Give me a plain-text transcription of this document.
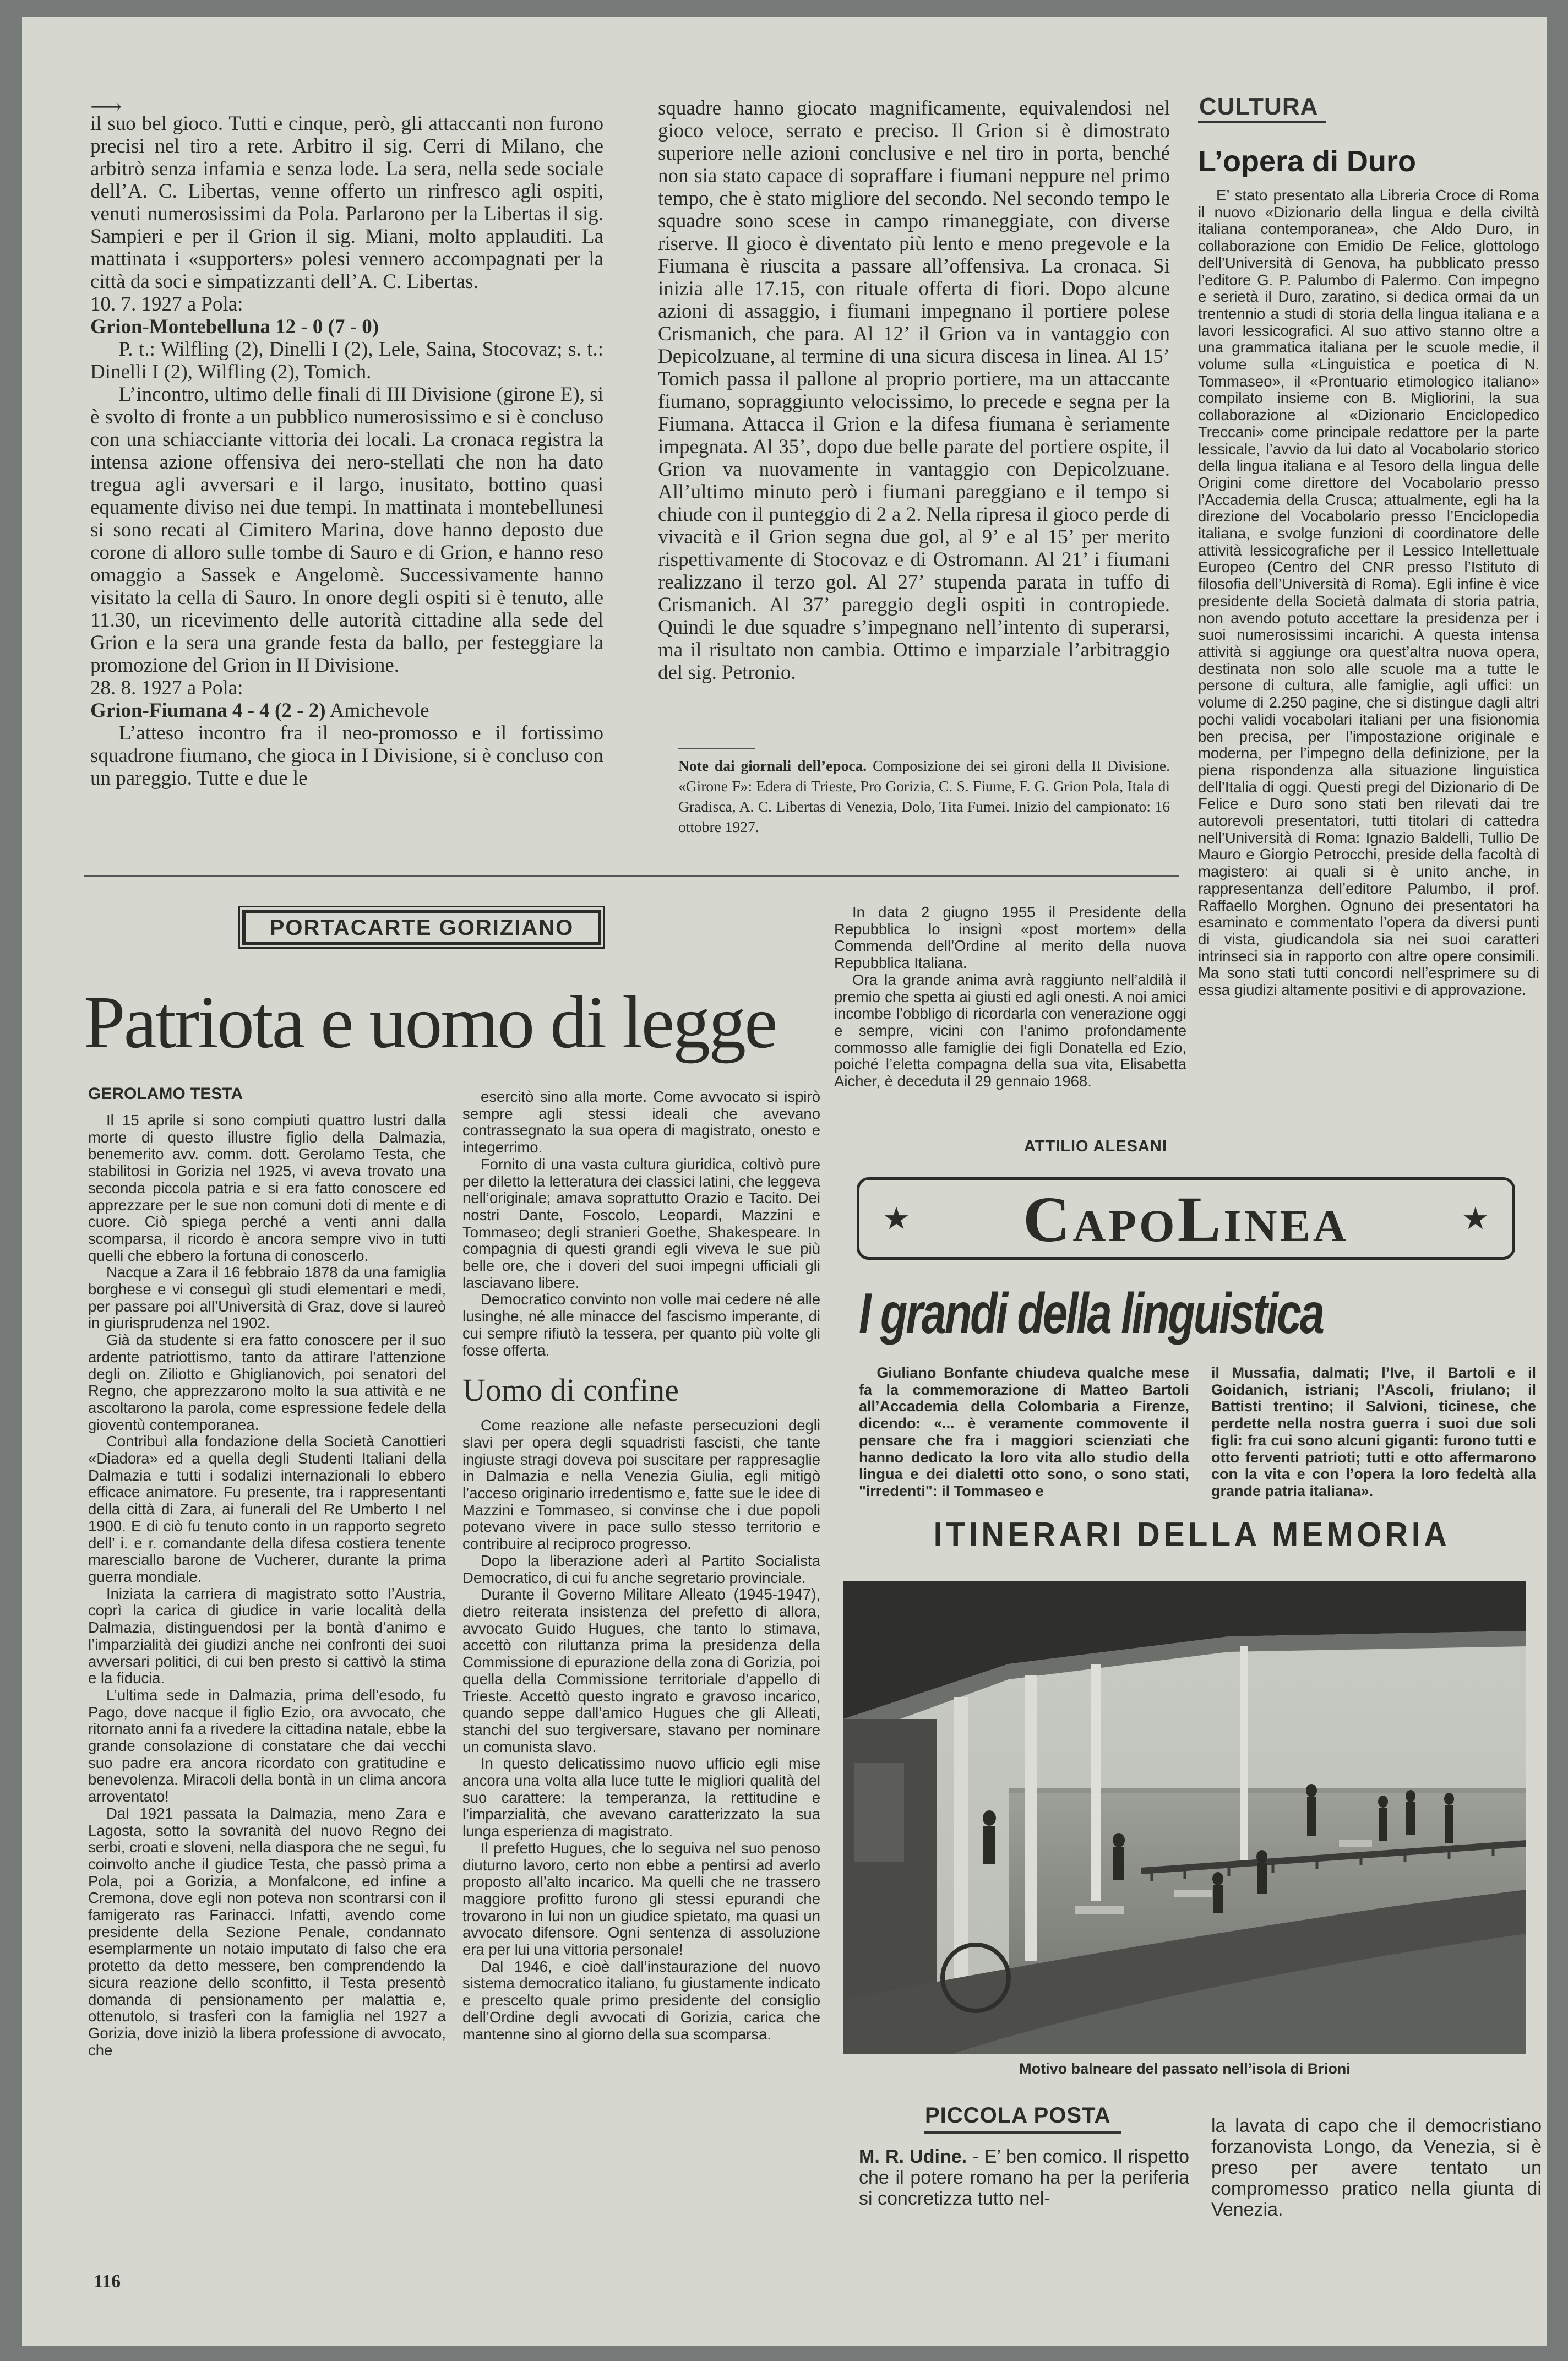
⟶

il suo bel gioco. Tutti e cinque, però, gli attaccanti non furono precisi nel tiro a rete. Arbitro il sig. Cerri di Milano, che arbitrò senza infamia e senza lode. La sera, nella sede sociale dell’A. C. Libertas, venne offerto un rinfresco agli ospiti, venuti numerosissimi da Pola. Parlarono per la Libertas il sig. Sampieri e per il Grion il sig. Miani, molto applauditi. La mattinata i «supporters» polesi vennero accompagnati per la città da soci e simpatizzanti dell’A. C. Libertas.

10. 7. 1927 a Pola:

Grion-Montebelluna 12 - 0 (7 - 0)

P. t.: Wilfling (2), Dinelli I (2), Lele, Saina, Stocovaz; s. t.: Dinelli I (2), Wilfling (2), Tomich.

L’incontro, ultimo delle finali di III Divisione (girone E), si è svolto di fronte a un pubblico numerosissimo e si è concluso con una schiacciante vittoria dei locali. La cronaca registra la intensa azione offensiva dei nero-stellati che non ha dato tregua agli avversari e il largo, inusitato, bottino quasi equamente diviso nei due tempi. In mattinata i montebellunesi si sono recati al Cimitero Marina, dove hanno deposto due corone di alloro sulle tombe di Sauro e di Grion, e hanno reso omaggio a Sassek e Angelomè. Successivamente hanno visitato la cella di Sauro. In onore degli ospiti si è tenuto, alle 11.30, un ricevimento delle autorità cittadine alla sede del Grion e la sera una grande festa da ballo, per festeggiare la promozione del Grion in II Divisione.

28. 8. 1927 a Pola:

Grion-Fiumana 4 - 4 (2 - 2) Amichevole

L’atteso incontro fra il neo-promosso e il fortissimo squadrone fiumano, che gioca in I Divisione, si è concluso con un pareggio. Tutte e due le

squadre hanno giocato magnificamente, equivalendosi nel gioco veloce, serrato e preciso. Il Grion si è dimostrato superiore nelle azioni conclusive e nel tiro in porta, benché non sia stato capace di sopraffare i fiumani neppure nel primo tempo, che è stato migliore del secondo. Nel secondo tempo le squadre sono scese in campo rimaneggiate, con diverse riserve. Il gioco è diventato più lento e meno pregevole e la Fiumana è riuscita a passare all’offensiva. La cronaca. Si inizia alle 17.15, con rituale offerta di fiori. Dopo alcune azioni di assaggio, i fiumani impegnano il portiere polese Crismanich, che para. Al 12’ il Grion va in vantaggio con Depicolzuane, al termine di una sicura discesa in linea. Al 15’ Tomich passa il pallone al proprio portiere, ma un attaccante fiumano, sopraggiunto velocissimo, lo precede e segna per la Fiumana. Attacca il Grion e la difesa fiumana è seriamente impegnata. Al 35’, dopo due belle parate del portiere ospite, il Grion va nuovamente in vantaggio con Depicolzuane. All’ultimo minuto però i fiumani pareggiano e il tempo si chiude con il punteggio di 2 a 2. Nella ripresa il gioco perde di vivacità e il Grion segna due gol, al 9’ e al 15’ per merito rispettivamente di Stocovaz e di Ostromann. Al 21’ i fiumani realizzano il terzo gol. Al 27’ stupenda parata in tuffo di Crismanich. Al 37’ pareggio degli ospiti in contropiede. Quindi le due squadre s’impegnano nell’intento di superarsi, ma il risultato non cambia. Ottimo e imparziale l’arbitraggio del sig. Petronio.

Note dai giornali dell’epoca. Composizione dei sei gironi della II Divisione. «Girone F»: Edera di Trieste, Pro Gorizia, C. S. Fiume, F. G. Grion Pola, Itala di Gradisca, A. C. Libertas di Venezia, Dolo, Tita Fumei. Inizio del campionato: 16 ottobre 1927.
CULTURA
L’opera di Duro

E’ stato presentato alla Libreria Croce di Roma il nuovo «Dizionario della lingua e della civiltà italiana contemporanea», che Aldo Duro, in collaborazione con Emidio De Felice, glottologo dell’Università di Genova, ha pubblicato presso l’editore G. P. Palumbo di Palermo. Con impegno e serietà il Duro, zaratino, si dedica ormai da un trentennio a studi di storia della lingua italiana e a lavori lessicografici. Al suo attivo stanno oltre a una grammatica italiana per le scuole medie, il volume sulla «Linguistica e poetica di N. Tommaseo», il «Prontuario etimologico italiano» compilato insieme con B. Migliorini, la sua collaborazione al «Dizionario Enciclopedico Treccani» come principale redattore per la parte lessicale, l’avvio da lui dato al Vocabolario storico della lingua italiana e al Tesoro della lingua delle Origini come direttore del Vocabolario presso l’Accademia della Crusca; attualmente, egli ha la direzione del Vocabolario presso l’Enciclopedia italiana, e svolge funzioni di coordinatore delle attività lessicografiche per il Lessico Intellettuale Europeo (Centro del CNR presso l’Istituto di filosofia dell’Università di Roma). Egli infine è vice presidente della Società dalmata di storia patria, non avendo potuto accettare la presidenza per i suoi numerosissimi incarichi. A questa intensa attività si aggiunge ora quest’altra nuova opera, destinata non solo alle scuole ma a tutte le persone di cultura, alle famiglie, agli uffici: un volume di 2.250 pagine, che si distingue dagli altri pochi validi vocabolari italiani per una fisionomia ben precisa, per l’impostazione originale e moderna, per l’impegno della definizione, per la piena rispondenza alla situazione linguistica dell’Italia di oggi. Questi pregi del Dizionario di De Felice e Duro sono stati ben rilevati dai tre autorevoli presentatori, tutti titolari di cattedra nell’Università di Roma: Ignazio Baldelli, Tullio De Mauro e Giorgio Petrocchi, preside della facoltà di magistero: ai quali si è unito anche, in rappresentanza dell’editore Palumbo, il prof. Raffaello Morghen. Ognuno dei presentatori ha esaminato e commentato l’opera da diversi punti di vista, giudicandola sia nei suoi caratteri intrinseci sia in rapporto con altre opere consimili. Ma sono stati tutti concordi nell’esprimere su di essa giudizi altamente positivi e di approvazione.

PORTACARTE GORIZIANO
Patriota e uomo di legge
GEROLAMO TESTA

Il 15 aprile si sono compiuti quattro lustri dalla morte di questo illustre figlio della Dalmazia, benemerito avv. comm. dott. Gerolamo Testa, che stabilitosi in Gorizia nel 1925, vi aveva trovato una seconda piccola patria e si era fatto conoscere ed apprezzare per le sue non comuni doti di mente e di cuore. Ciò spiega perché a venti anni dalla scomparsa, il ricordo è ancora sempre vivo in tutti quelli che ebbero la fortuna di conoscerlo.

Nacque a Zara il 16 febbraio 1878 da una famiglia borghese e vi conseguì gli studi elementari e medi, per passare poi all’Università di Graz, dove si laureò in giurisprudenza nel 1902.

Già da studente si era fatto conoscere per il suo ardente patriottismo, tanto da attirare l’attenzione degli on. Ziliotto e Ghiglianovich, poi senatori del Regno, che apprezzarono molto la sua attività e ne ascoltarono la parola, come espressione fedele della gioventù contemporanea.

Contribuì alla fondazione della Società Canottieri «Diadora» ed a quella degli Studenti Italiani della Dalmazia e tutti i sodalizi internazionali lo ebbero efficace animatore. Fu presente, tra i rappresentanti della città di Zara, ai funerali del Re Umberto I nel 1900. E di ciò fu tenuto conto in un rapporto segreto dell’ i. e r. comandante della difesa costiera tenente maresciallo barone de Vucherer, durante la prima guerra mondiale.

Iniziata la carriera di magistrato sotto l’Austria, coprì la carica di giudice in varie località della Dalmazia, distinguendosi per la bontà d’animo e l’imparzialità dei giudizi anche nei confronti dei suoi avversari politici, di cui ben presto si cattivò la stima e la fiducia.

L’ultima sede in Dalmazia, prima dell’esodo, fu Pago, dove nacque il figlio Ezio, ora avvocato, che ritornato anni fa a rivedere la cittadina natale, ebbe la grande consolazione di constatare che dai vecchi suo padre era ancora ricordato con gratitudine e benevolenza. Miracoli della bontà in un clima ancora arroventato!

Dal 1921 passata la Dalmazia, meno Zara e Lagosta, sotto la sovranità del nuovo Regno dei serbi, croati e sloveni, nella diaspora che ne seguì, fu coinvolto anche il giudice Testa, che passò prima a Pola, poi a Gorizia, a Monfalcone, ed infine a Cremona, dove egli non poteva non scontrarsi con il famigerato ras Farinacci. Infatti, avendo come presidente della Sezione Penale, condannato esemplarmente un notaio imputato di falso che era protetto da detto messere, ben comprendendo la sicura reazione dello sconfitto, il Testa presentò domanda di pensionamento per malattia e, ottenutolo, si trasferì con la famiglia nel 1927 a Gorizia, dove iniziò la libera professione di avvocato, che

esercitò sino alla morte. Come avvocato si ispirò sempre agli stessi ideali che avevano contrassegnato la sua opera di magistrato, onesto e integerrimo.

Fornito di una vasta cultura giuridica, coltivò pure per diletto la letteratura dei classici latini, che leggeva nell’originale; amava soprattutto Orazio e Tacito. Dei nostri Dante, Foscolo, Leopardi, Mazzini e Tommaseo; degli stranieri Goethe, Shakespeare. In compagnia di questi grandi egli viveva le sue più belle ore, che i doveri del suoi impegni ufficiali gli lasciavano libere.

Democratico convinto non volle mai cedere né alle lusinghe, né alle minacce del fascismo imperante, di cui sempre rifiutò la tessera, per quanto più volte gli fosse offerta.

Uomo di confine

Come reazione alle nefaste persecuzioni degli slavi per opera degli squadristi fascisti, che tante ingiuste stragi doveva poi suscitare per rappresaglie in Dalmazia e nella Venezia Giulia, egli mitigò l’acceso originario irredentismo e, fatte sue le idee di Mazzini e Tommaseo, si convinse che i due popoli potevano vivere in pace sullo stesso territorio e contribuire al reciproco progresso.

Dopo la liberazione aderì al Partito Socialista Democratico, di cui fu anche segretario provinciale.

Durante il Governo Militare Alleato (1945-1947), dietro reiterata insistenza del prefetto di allora, avvocato Guido Hugues, che tanto lo stimava, accettò con riluttanza prima la presidenza della Commissione di epurazione della zona di Gorizia, poi quella della Commissione territoriale d’appello di Trieste. Accettò questo ingrato e gravoso incarico, quando seppe dall’amico Hugues che gli Alleati, stanchi del suo tergiversare, stavano per nominare un comunista slavo.

In questo delicatissimo nuovo ufficio egli mise ancora una volta alla luce tutte le migliori qualità del suo carattere: la temperanza, la rettitudine e l’imparzialità, che avevano caratterizzato la sua lunga esperienza di magistrato.

Il prefetto Hugues, che lo seguiva nel suo penoso diuturno lavoro, certo non ebbe a pentirsi ad averlo proposto all’alto incarico. Ma quelli che ne trassero maggiore profitto furono gli stessi epurandi che trovarono in lui non un giudice spietato, ma quasi un avvocato difensore. Ogni sentenza di assoluzione era per lui una vittoria personale!

Dal 1946, e cioè dall’instaurazione del nuovo sistema democratico italiano, fu giustamente indicato e prescelto quale primo presidente del consiglio dell’Ordine degli avvocati di Gorizia, carica che mantenne sino al giorno della sua scomparsa.

In data 2 giugno 1955 il Presidente della Repubblica lo insignì «post mortem» della Commenda dell’Ordine al merito della nuova Repubblica Italiana.

Ora la grande anima avrà raggiunto nell’aldilà il premio che spetta ai giusti ed agli onesti. A noi amici incombe l’obbligo di ricordarla con venerazione oggi e sempre, vicini con l’animo profondamente commosso alle famiglie dei figli Donatella ed Ezio, poiché l’eletta compagna della sua vita, Elisabetta Aicher, è deceduta il 29 gennaio 1968.

ATTILIO ALESANI
★	CapoLinea	★
I grandi della linguistica

Giuliano Bonfante chiudeva qualche mese fa la commemorazione di Matteo Bartoli all’Accademia della Colombaria a Firenze, dicendo: «... è veramente commovente il pensare che fra i maggiori scienziati che hanno dedicato la loro vita allo studio della lingua e dei dialetti otto sono, o sono stati, "irredenti": il Tommaseo e

il Mussafia, dalmati; l’Ive, il Bartoli e il Goidanich, istriani; l’Ascoli, friulano; il Battisti trentino; il Salvioni, ticinese, che perdette nella nostra guerra i suoi due soli figli: fra cui sono alcuni giganti: furono tutti e otto ferventi patrioti; tutti e otto affermarono con la vita e con l’opera la loro fedeltà alla grande patria italiana».

ITINERARI DELLA MEMORIA
Motivo balneare del passato nell’isola di Brioni
PICCOLA POSTA

M. R. Udine. - E’ ben comico. Il rispetto che il potere romano ha per la periferia si concretizza tutto nel-

la lavata di capo che il democristiano forzanovista Longo, da Venezia, si è preso per avere tentato un compromesso pratico nella giunta di Venezia.

116
